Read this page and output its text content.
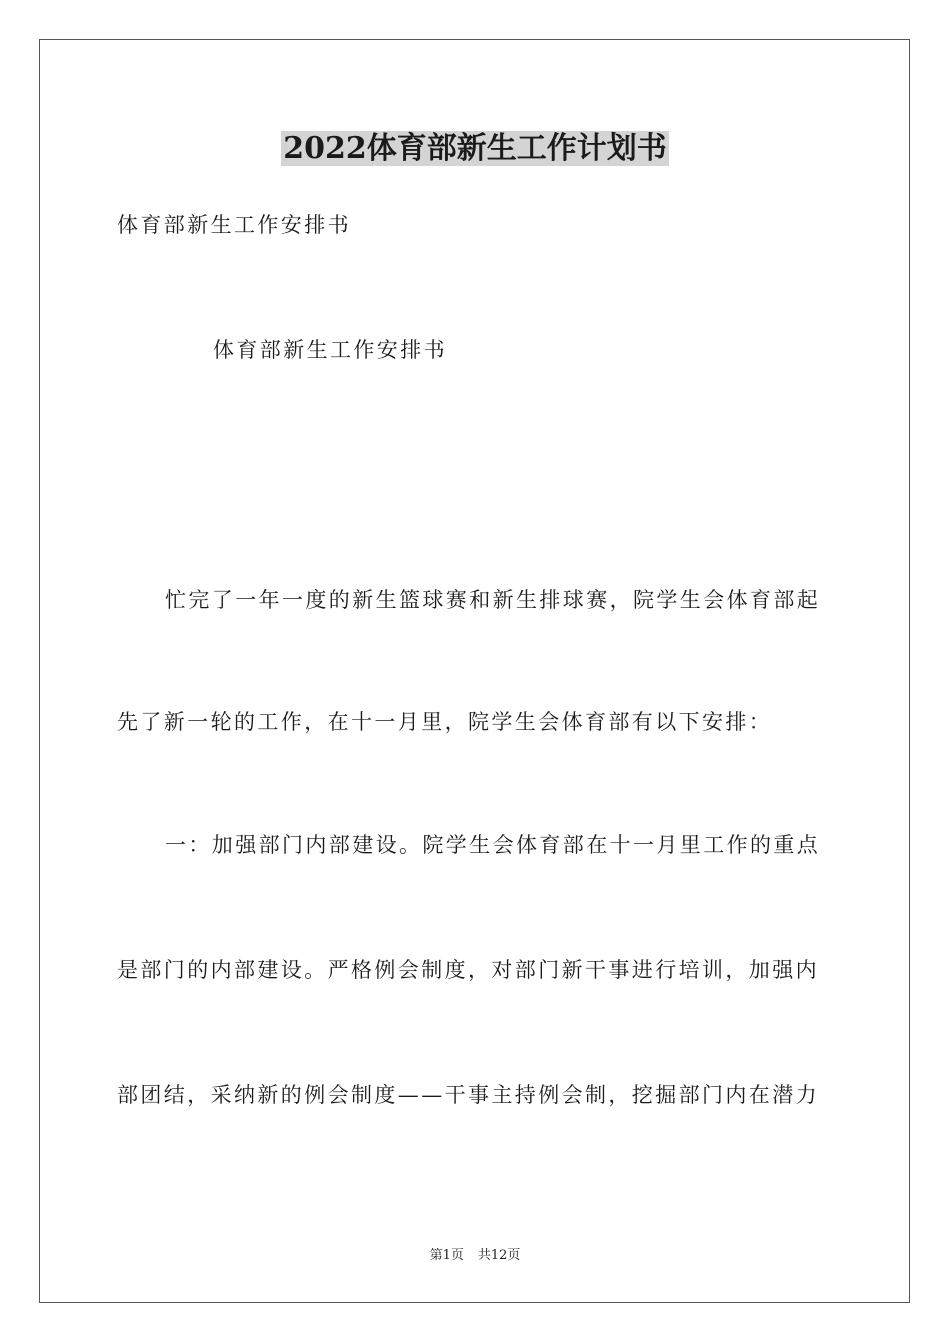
2022体育部新生工作计划书
体育部新生工作安排书
体育部新生工作安排书
忙完了一年一度的新生篮球赛和新生排球赛，院学生会体育部起
先了新一轮的工作，在十一月里，院学生会体育部有以下安排：
一：加强部门内部建设。院学生会体育部在十一月里工作的重点
是部门的内部建设。严格例会制度，对部门新干事进行培训，加强内
部团结，采纳新的例会制度——干事主持例会制，挖掘部门内在潜力
第1页 共12页
